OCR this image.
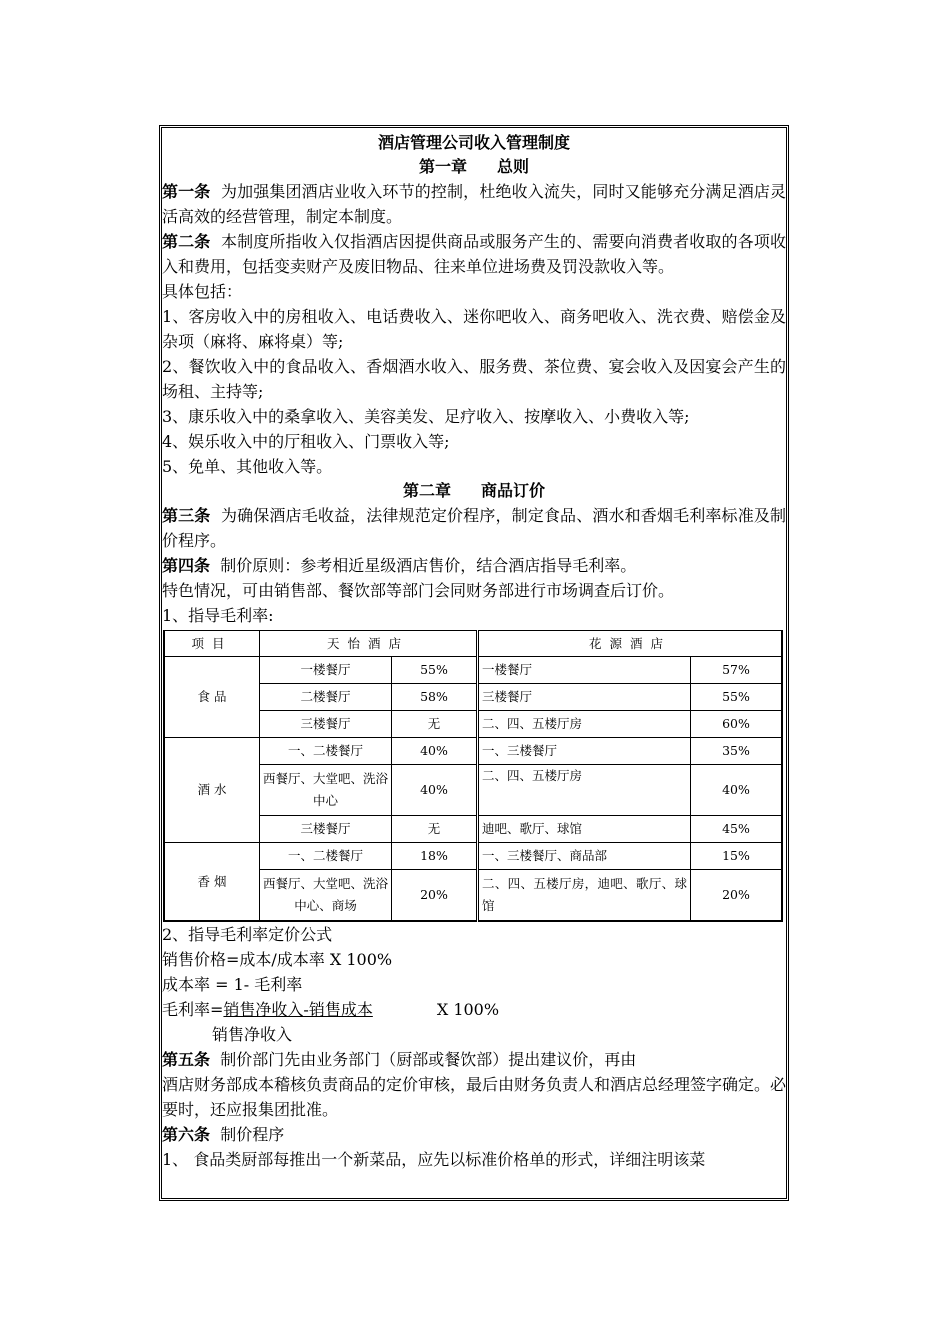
酒店管理公司收入管理制度
第一章 总则

第一条 为加强集团酒店业收入环节的控制，杜绝收入流失，同时又能够充分满足酒店灵活高效的经营管理，制定本制度。

第二条 本制度所指收入仅指酒店因提供商品或服务产生的、需要向消费者收取的各项收入和费用，包括变卖财产及废旧物品、往来单位进场费及罚没款收入等。

具体包括：

1、客房收入中的房租收入、电话费收入、迷你吧收入、商务吧收入、洗衣费、赔偿金及杂项（麻将、麻将桌）等;

2、餐饮收入中的食品收入、香烟酒水收入、服务费、茶位费、宴会收入及因宴会产生的场租、主持等;

3、康乐收入中的桑拿收入、美容美发、足疗收入、按摩收入、小费收入等;

4、娱乐收入中的厅租收入、门票收入等;

5、免单、其他收入等。

第二章 商品订价

第三条 为确保酒店毛收益，法律规范定价程序，制定食品、酒水和香烟毛利率标准及制价程序。

第四条 制价原则：参考相近星级酒店售价，结合酒店指导毛利率。

特色情况，可由销售部、餐饮部等部门会同财务部进行市场调查后订价。

1、指导毛利率:

项目	天怡酒店		花源酒店	
食 品	一楼餐厅	55%	一楼餐厅	57%
	二楼餐厅	58%	三楼餐厅	55%
	三楼餐厅	无	二、四、五楼厅房	60%
酒 水	一、二楼餐厅	40%	一、三楼餐厅	35%
	西餐厅、大堂吧、洗浴中心	40%	二、四、五楼厅房	40%
	三楼餐厅	无	迪吧、歌厅、球馆	45%
香 烟	一、二楼餐厅	18%	一、三楼餐厅、商品部	15%
	西餐厅、大堂吧、洗浴中心、商场	20%	二、四、五楼厅房，迪吧、歌厅、球馆	20%

2、指导毛利率定价公式

销售价格=成本/成本率 X 100%

成本率 = 1- 毛利率

毛利率=销售净收入-销售成本	X 100%

销售净收入

第五条 制价部门先由业务部门（厨部或餐饮部）提出建议价，再由

酒店财务部成本稽核负责商品的定价审核，最后由财务负责人和酒店总经理签字确定。必要时，还应报集团批准。

第六条 制价程序

1、 食品类厨部每推出一个新菜品，应先以标准价格单的形式，详细注明该菜
